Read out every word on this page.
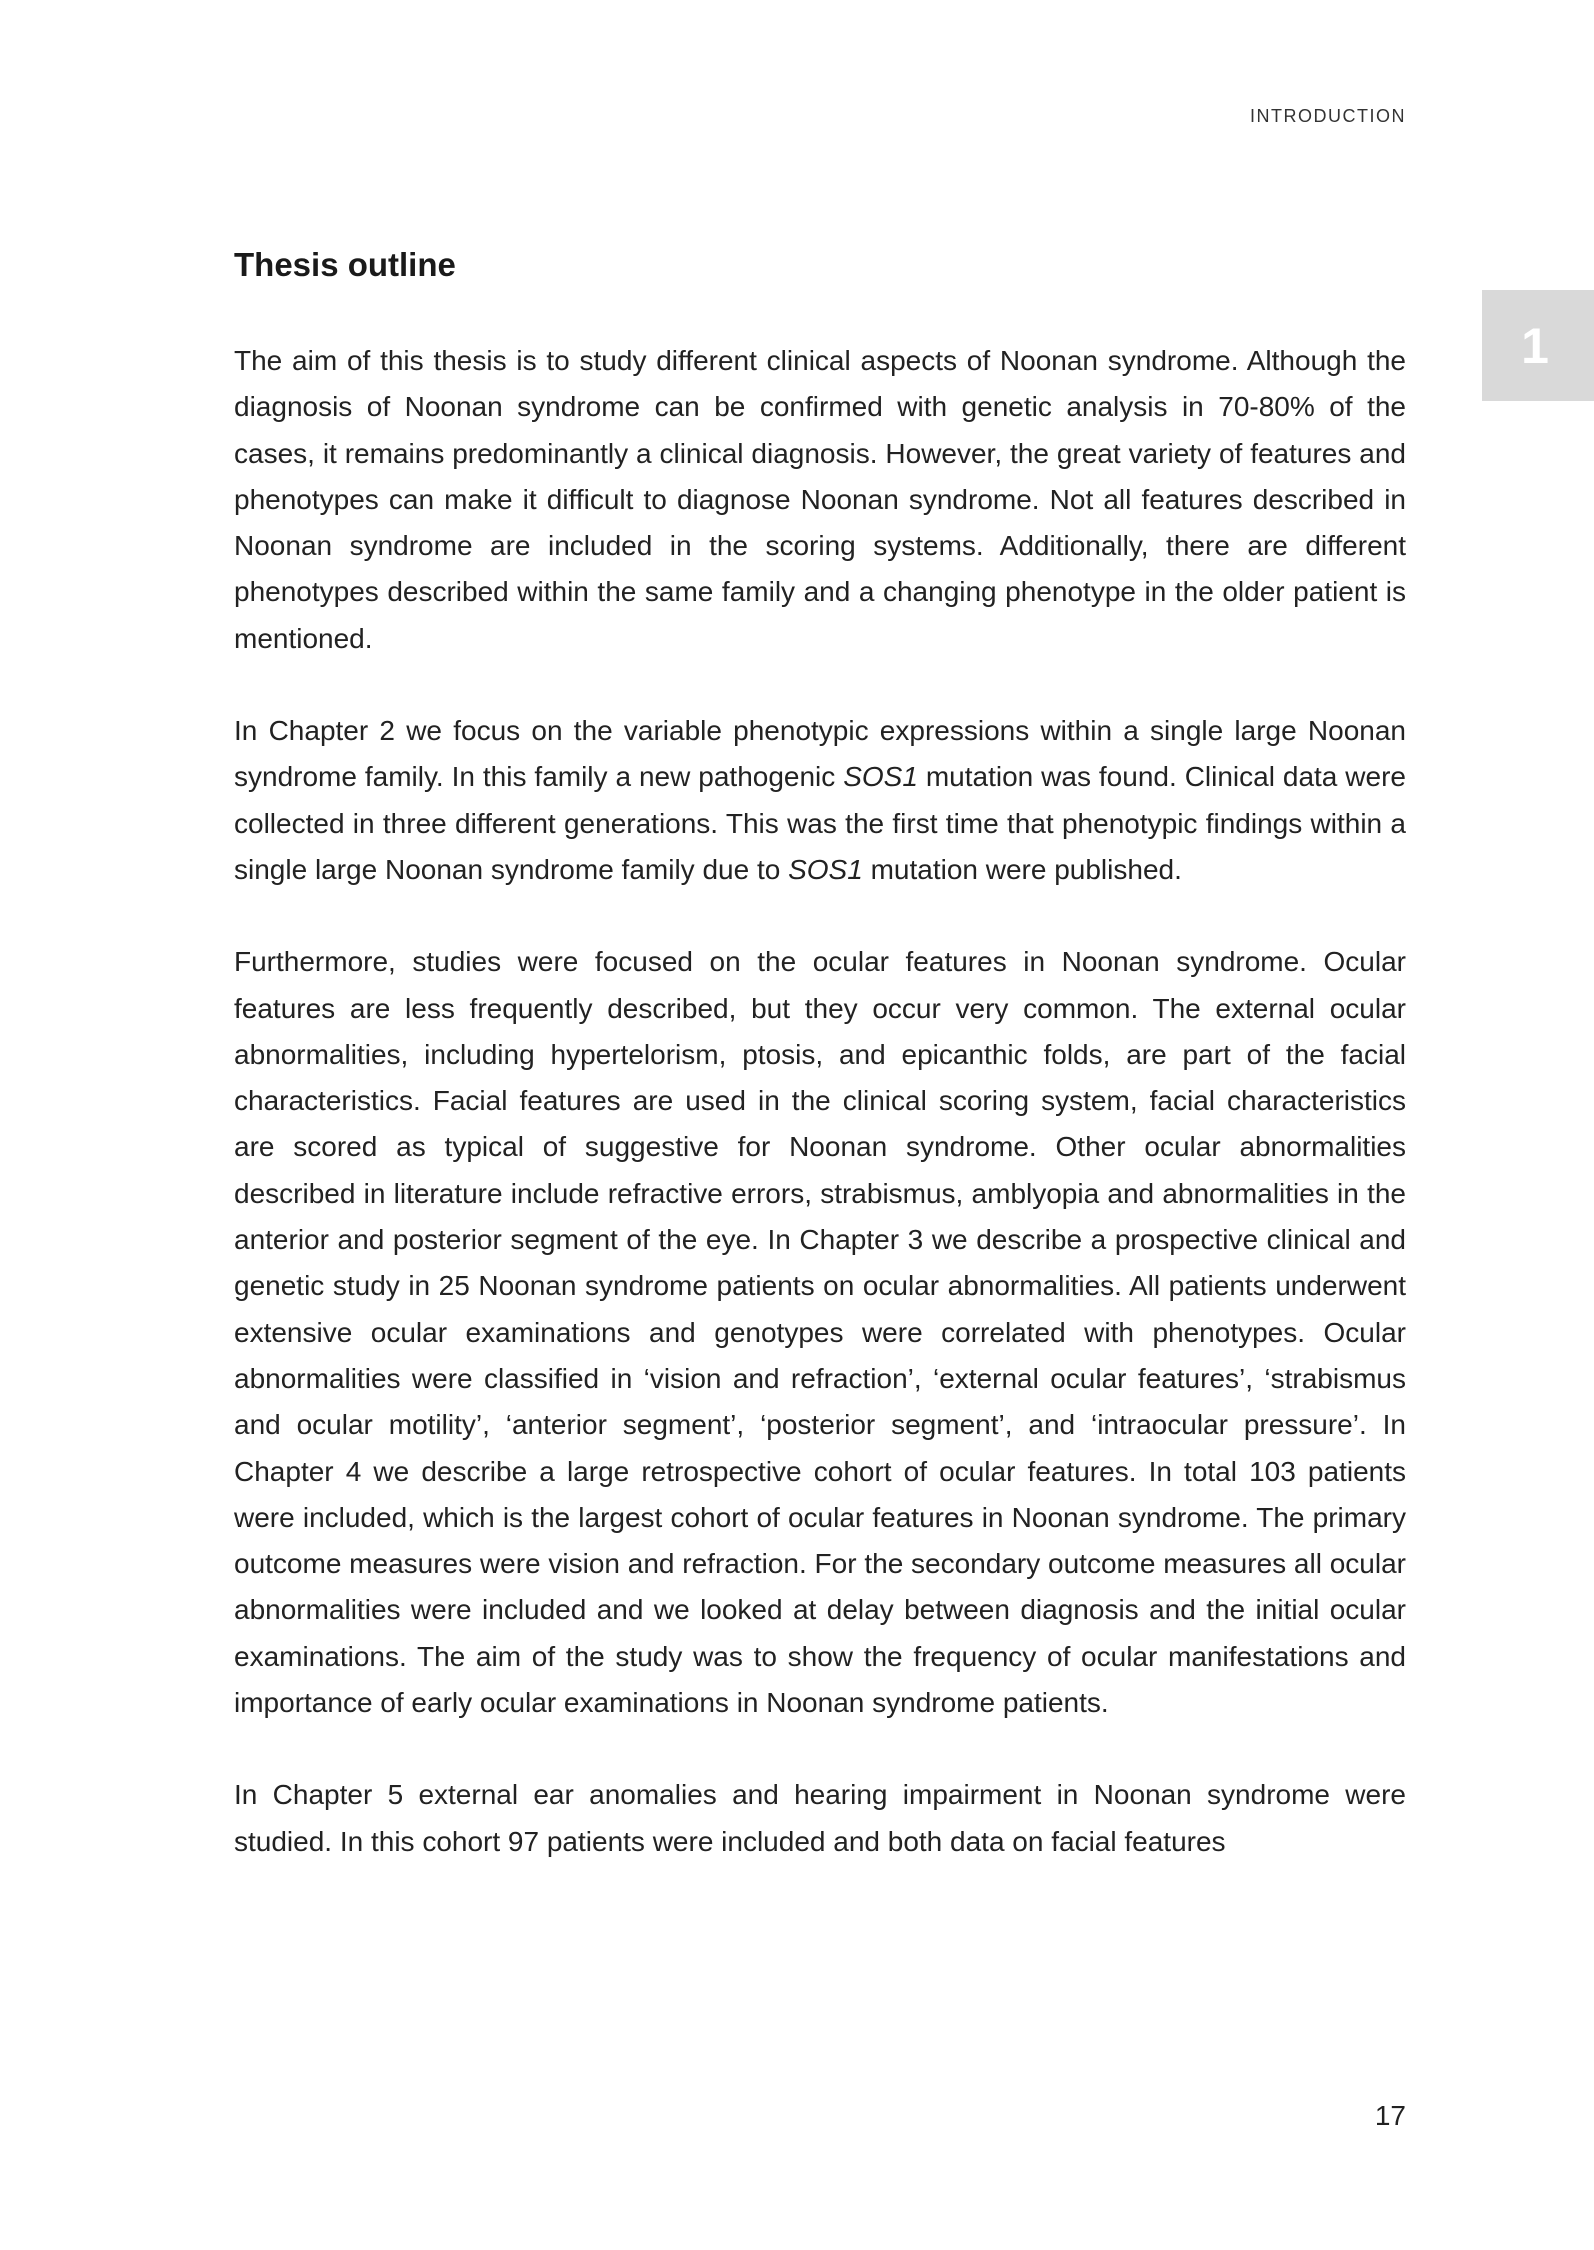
INTRODUCTION
1
Thesis outline

The aim of this thesis is to study different clinical aspects of Noonan syndrome. Although the diagnosis of Noonan syndrome can be confirmed with genetic analysis in 70-80% of the cases, it remains predominantly a clinical diagnosis. However, the great variety of features and phenotypes can make it difficult to diagnose Noonan syndrome. Not all features described in Noonan syndrome are included in the scoring systems. Additionally, there are different phenotypes described within the same family and a changing phenotype in the older patient is mentioned.

In Chapter 2 we focus on the variable phenotypic expressions within a single large Noonan syndrome family. In this family a new pathogenic SOS1 mutation was found. Clinical data were collected in three different generations. This was the first time that phenotypic findings within a single large Noonan syndrome family due to SOS1 mutation were published.

Furthermore, studies were focused on the ocular features in Noonan syndrome. Ocular features are less frequently described, but they occur very common. The external ocular abnormalities, including hypertelorism, ptosis, and epicanthic folds, are part of the facial characteristics. Facial features are used in the clinical scoring system, facial characteristics are scored as typical of suggestive for Noonan syndrome. Other ocular abnormalities described in literature include refractive errors, strabismus, amblyopia and abnormalities in the anterior and posterior segment of the eye. In Chapter 3 we describe a prospective clinical and genetic study in 25 Noonan syndrome patients on ocular abnormalities. All patients underwent extensive ocular examinations and genotypes were correlated with phenotypes. Ocular abnormalities were classified in ‘vision and refraction’, ‘external ocular features’, ‘strabismus and ocular motility’, ‘anterior segment’, ‘posterior segment’, and ‘intraocular pressure’. In Chapter 4 we describe a large retrospective cohort of ocular features. In total 103 patients were included, which is the largest cohort of ocular features in Noonan syndrome. The primary outcome measures were vision and refraction. For the secondary outcome measures all ocular abnormalities were included and we looked at delay between diagnosis and the initial ocular examinations. The aim of the study was to show the frequency of ocular manifestations and importance of early ocular examinations in Noonan syndrome patients.

In Chapter 5 external ear anomalies and hearing impairment in Noonan syndrome were studied. In this cohort 97 patients were included and both data on facial features

17
